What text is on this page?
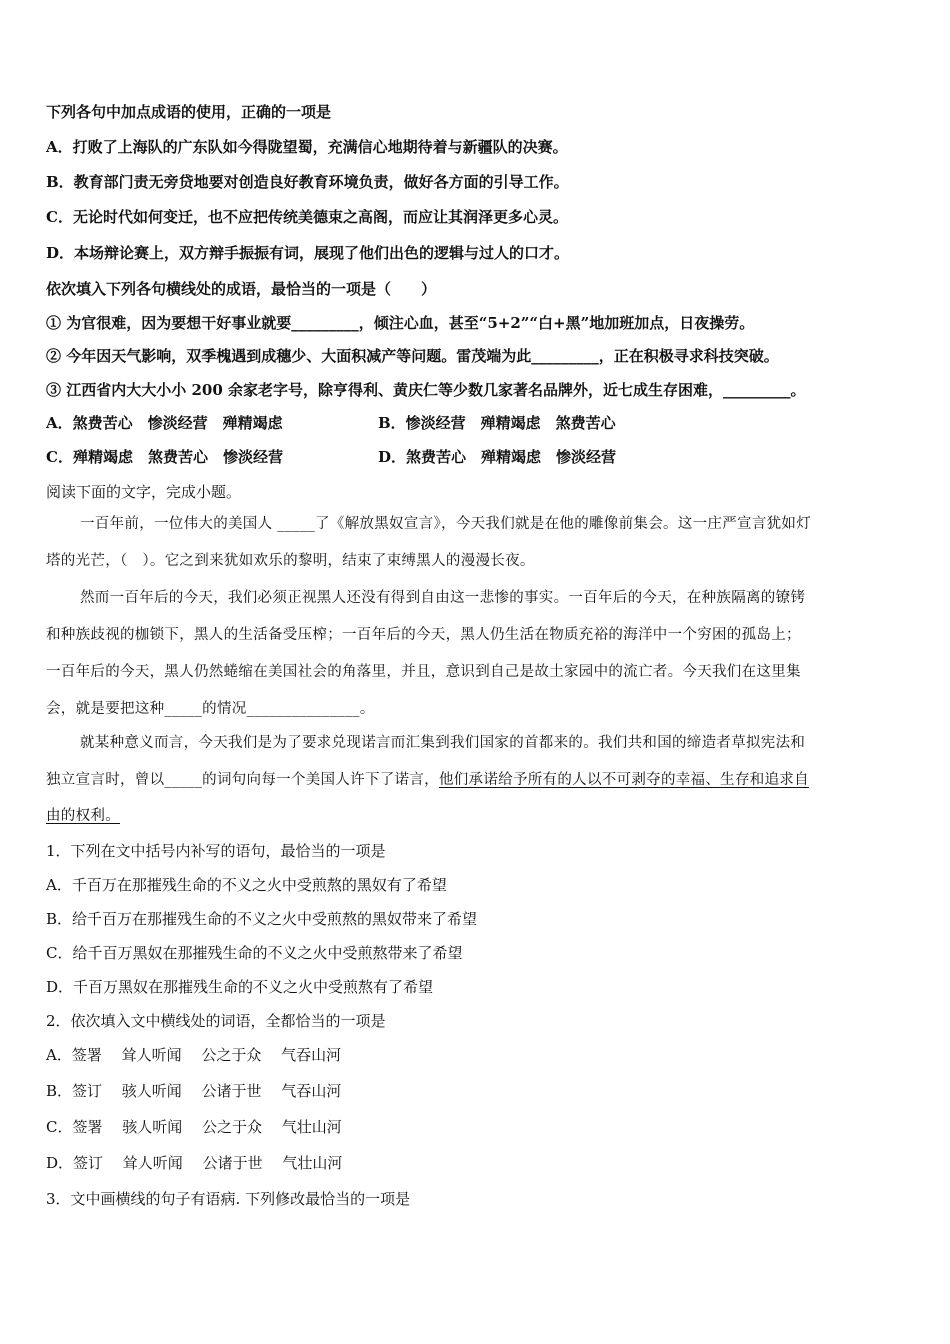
下列各句中加点成语的使用，正确的一项是
A．打败了上海队的广东队如今得陇望蜀，充满信心地期待着与新疆队的决赛。
B．教育部门责无旁贷地要对创造良好教育环境负责，做好各方面的引导工作。
C．无论时代如何变迁，也不应把传统美德束之高阁，而应让其润泽更多心灵。
D．本场辩论赛上，双方辩手振振有词，展现了他们出色的逻辑与过人的口才。
依次填入下列各句横线处的成语，最恰当的一项是（　　）
① 为官很难，因为要想干好事业就要_________，倾注心血，甚至“5+2”“白+黑”地加班加点，日夜操劳。
② 今年因天气影响，双季槐遇到成穗少、大面积减产等问题。雷茂端为此_________，正在积极寻求科技突破。
③ 江西省内大大小小 200 余家老字号，除亨得利、黄庆仁等少数几家著名品牌外，近七成生存困难，_________。
A．煞费苦心　惨淡经营　殚精竭虑	B．惨淡经营　殚精竭虑　煞费苦心
C．殚精竭虑　煞费苦心　惨淡经营	D．煞费苦心　殚精竭虑　惨淡经营
阅读下面的文字，完成小题。
一百年前，一位伟大的美国人 _____了《解放黑奴宣言》，今天我们就是在他的雕像前集会。这一庄严宣言犹如灯
塔的光芒，（　）。它之到来犹如欢乐的黎明，结束了束缚黑人的漫漫长夜。
然而一百年后的今天，我们必须正视黑人还没有得到自由这一悲惨的事实。一百年后的今天，在种族隔离的镣铐
和种族歧视的枷锁下，黑人的生活备受压榨；一百年后的今天，黑人仍生活在物质充裕的海洋中一个穷困的孤岛上；
一百年后的今天，黑人仍然蜷缩在美国社会的角落里，并且，意识到自己是故土家园中的流亡者。今天我们在这里集
会，就是要把这种_____的情况_______________。
就某种意义而言，今天我们是为了要求兑现诺言而汇集到我们国家的首都来的。我们共和国的缔造者草拟宪法和
独立宣言时，曾以_____的词句向每一个美国人许下了诺言，他们承诺给予所有的人以不可剥夺的幸福、生存和追求自
由的权利。
1．下列在文中括号内补写的语句，最恰当的一项是
A．千百万在那摧残生命的不义之火中受煎熬的黑奴有了希望
B．给千百万在那摧残生命的不义之火中受煎熬的黑奴带来了希望
C．给千百万黑奴在那摧残生命的不义之火中受煎熬带来了希望
D．千百万黑奴在那摧残生命的不义之火中受煎熬有了希望
2．依次填入文中横线处的词语，全都恰当的一项是
A．签署　 耸人听闻　 公之于众　 气吞山河
B．签订　 骇人听闻　 公诸于世　 气吞山河
C．签署　 骇人听闻　 公之于众　 气壮山河
D．签订　 耸人听闻　 公诸于世　 气壮山河
3．文中画横线的句子有语病. 下列修改最恰当的一项是
